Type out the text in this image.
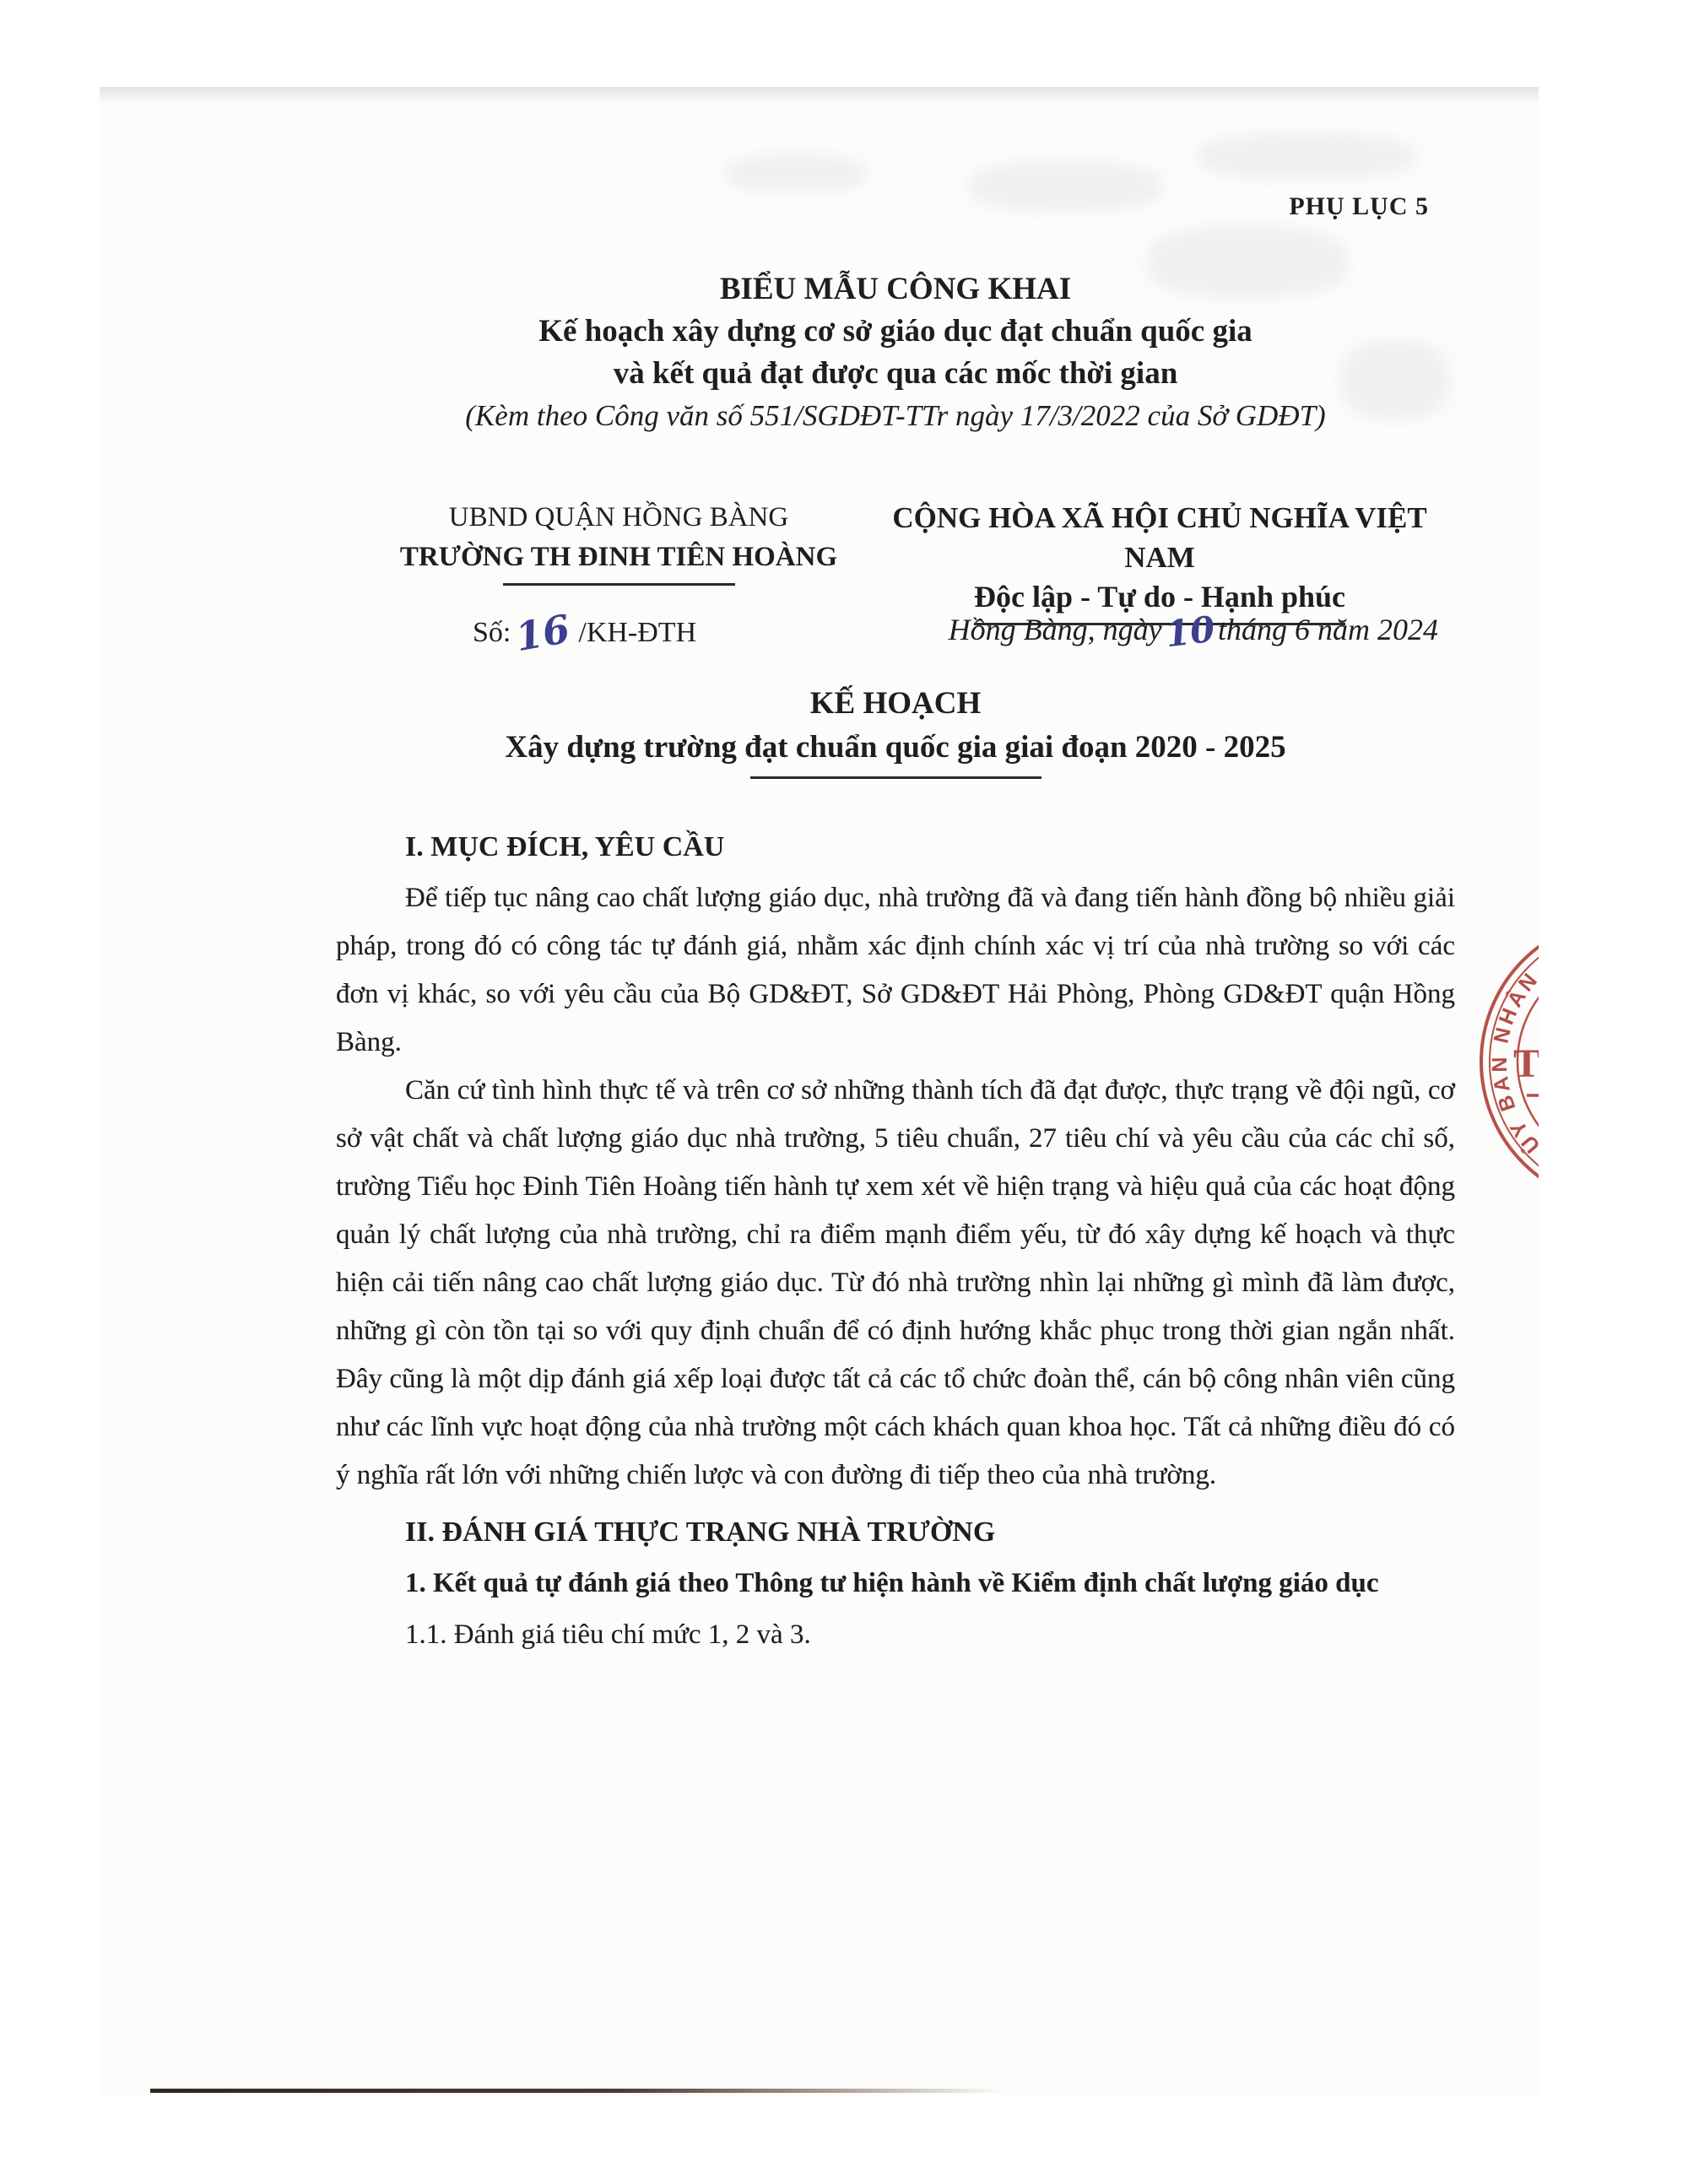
PHỤ LỤC 5
BIỂU MẪU CÔNG KHAI
Kế hoạch xây dựng cơ sở giáo dục đạt chuẩn quốc gia
và kết quả đạt được qua các mốc thời gian
(Kèm theo Công văn số 551/SGDĐT-TTr ngày 17/3/2022 của Sở GDĐT)
UBND QUẬN HỒNG BÀNG
TRƯỜNG TH ĐINH TIÊN HOÀNG
CỘNG HÒA XÃ HỘI CHỦ NGHĨA VIỆT NAM
Độc lập - Tự do - Hạnh phúc
Số:16 /KH-ĐTH	Hồng Bàng, ngày10tháng 6 năm 2024
KẾ HOẠCH
Xây dựng trường đạt chuẩn quốc gia giai đoạn 2020 - 2025
I. MỤC ĐÍCH, YÊU CẦU
Để tiếp tục nâng cao chất lượng giáo dục, nhà trường đã và đang tiến hành đồng bộ nhiều giải pháp, trong đó có công tác tự đánh giá, nhằm xác định chính xác vị trí của nhà trường so với các đơn vị khác, so với yêu cầu của Bộ GD&ĐT, Sở GD&ĐT Hải Phòng, Phòng GD&ĐT quận Hồng Bàng.
Căn cứ tình hình thực tế và trên cơ sở những thành tích đã đạt được, thực trạng về đội ngũ, cơ sở vật chất và chất lượng giáo dục nhà trường, 5 tiêu chuẩn, 27 tiêu chí và yêu cầu của các chỉ số, trường Tiểu học Đinh Tiên Hoàng tiến hành tự xem xét về hiện trạng và hiệu quả của các hoạt động quản lý chất lượng của nhà trường, chỉ ra điểm mạnh điểm yếu, từ đó xây dựng kế hoạch và thực hiện cải tiến nâng cao chất lượng giáo dục. Từ đó nhà trường nhìn lại những gì mình đã làm được, những gì còn tồn tại so với quy định chuẩn để có định hướng khắc phục trong thời gian ngắn nhất. Đây cũng là một dịp đánh giá xếp loại được tất cả các tổ chức đoàn thể, cán bộ công nhân viên cũng như các lĩnh vực hoạt động của nhà trường một cách khách quan khoa học. Tất cả những điều đó có ý nghĩa rất lớn với những chiến lược và con đường đi tiếp theo của nhà trường.
II. ĐÁNH GIÁ THỰC TRẠNG NHÀ TRƯỜNG
1. Kết quả tự đánh giá theo Thông tư hiện hành về Kiểm định chất lượng giáo dục
1.1. Đánh giá tiêu chí mức 1, 2 và 3.
ỦY BAN NHÂN DÂN QU
T
